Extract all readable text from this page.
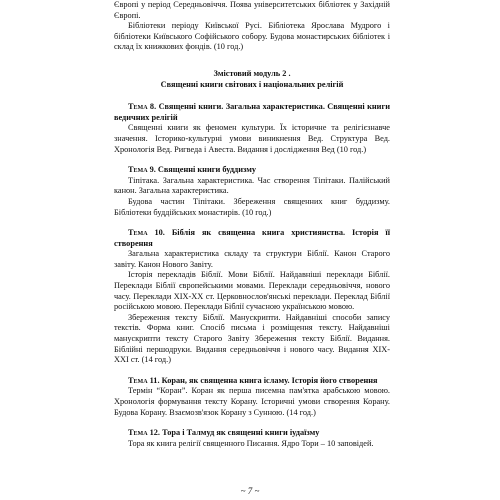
Європі у період Середньовіччя. Поява університетських бібліотек у Західній Європі.

Бібліотеки періоду Київської Русі. Бібліотека Ярослава Мудрого і бібліотеки Київського Софійського собору. Будова монастирських бібліотек і склад їх книжкових фондів. (10 год.)

Змістовий модуль 2 .
Священні книги світових і національних релігій

Тема 8. Священні книги. Загальна характеристика. Священні книги ведичних релігій

Священні книги як феномен культури. Їх історичне та релігієзнавче значення. Історико-культурні умови виникнення Вед. Структура Вед. Хронологія Вед. Ригведа і Авеста. Видання і дослідження Вед (10 год.)

Тема 9. Священні книги буддизму

Тіпітака. Загальна характеристика. Час створення Тіпітаки. Палійський канон. Загальна характеристика.

Будова частин Тіпітаки. Збереження священних книг буддизму. Бібліотеки буддійських монастирів. (10 год.)

Тема 10. Біблія як священна книга християнства. Історія її створення

Загальна характеристика складу та структури Біблії. Канон Старого завіту. Канон Нового Завіту.

Історія перекладів Біблії. Мови Біблії. Найдавніші переклади Біблії. Переклади Біблії європейськими мовами. Переклади середньовіччя, нового часу. Переклади XIX-XX ст. Церковнослов'янські переклади. Переклад Біблії російською мовою. Переклади Біблії сучасною українською мовою.

Збереження тексту Біблії. Манускрипти. Найдавніші способи запису текстів. Форма книг. Спосіб письма і розміщення тексту. Найдавніші манускрипти тексту Старого Завіту Збереження тексту Біблії. Видання. Біблійні першодруки. Видання середньовіччя і нового часу. Видання XIX-XXI ст. (14 год.)

Тема 11. Коран, як священна книга ісламу. Історія його створення

Термін “Коран”. Коран як перша писемна пам'ятка арабською мовою. Хронологія формування тексту Корану. Історичні умови створення Корану. Будова Корану. Взаємозв'язок Корану з Сунною. (14 год.)

Тема 12. Тора і Талмуд як священні книги іудаїзму

Тора як книга релігії священного Писання. Ядро Тори – 10 заповідей.

~ 7 ~
